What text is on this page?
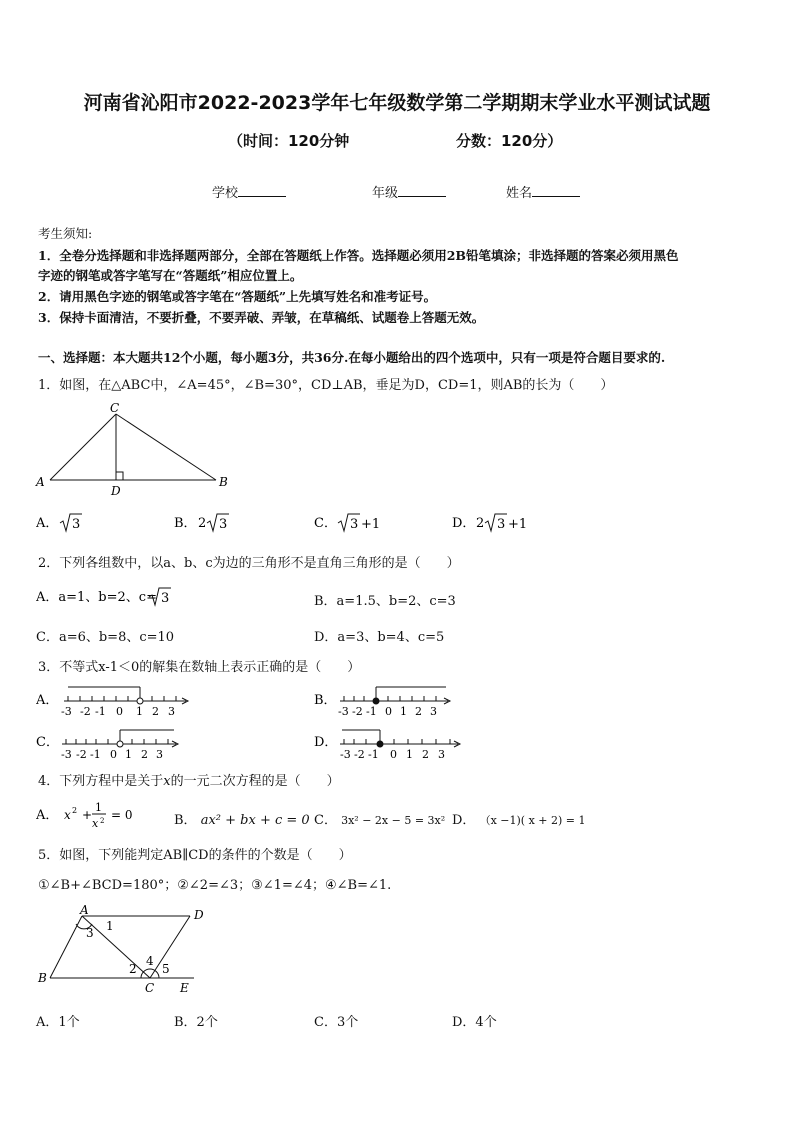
河南省沁阳市2022-2023学年七年级数学第二学期期末学业水平测试试题
（时间：120分钟	分数：120分）
学校	年级	姓名
考生须知:
1．全卷分选择题和非选择题两部分，全部在答题纸上作答。选择题必须用2B铅笔填涂；非选择题的答案必须用黑色
字迹的钢笔或答字笔写在“答题纸”相应位置上。
2．请用黑色字迹的钢笔或答字笔在“答题纸”上先填写姓名和准考证号。
3．保持卡面清洁，不要折叠，不要弄破、弄皱，在草稿纸、试题卷上答题无效。
一、选择题：本大题共12个小题，每小题3分，共36分.在每小题给出的四个选项中，只有一项是符合题目要求的.
1．如图，在△ABC中，∠A=45°，∠B=30°，CD⊥AB，垂足为D，CD=1，则AB的长为（　　）
A	B
C
D
A． 3	B． 2 3	C． 3 +1	D． 2 3 +1
2．下列各组数中，以a、b、c为边的三角形不是直角三角形的是（　　）
A．a=1、b=2、c= 3	B．a=1.5、b=2、c=3
C．a=6、b=8、c=10	D．a=3、b=4、c=5
3．不等式x-1＜0的解集在数轴上表示正确的是（　　）
A．
-3 -2 -1 0 1 2 3
B．
-3 -2 -1 0 1 2 3
C．
-3 -2 -1 0 1 2 3
D．
-3 -2 -1 0 1 2 3
4．下列方程中是关于x的一元二次方程的是（　　）
A． x 2 +
1
x 2 = 0	B． ax² + bx + c = 0 C． 3x² − 2x − 5 = 3x² D． （x −1)( x + 2) = 1
5．如图，下列能判定AB∥CD的条件的个数是（　　）
①∠B+∠BCD=180°；②∠2=∠3；③∠1=∠4；④∠B=∠1.
A	D
B
C E
1
2
3
4
5
A．1个	B．2个	C．3个	D．4个
